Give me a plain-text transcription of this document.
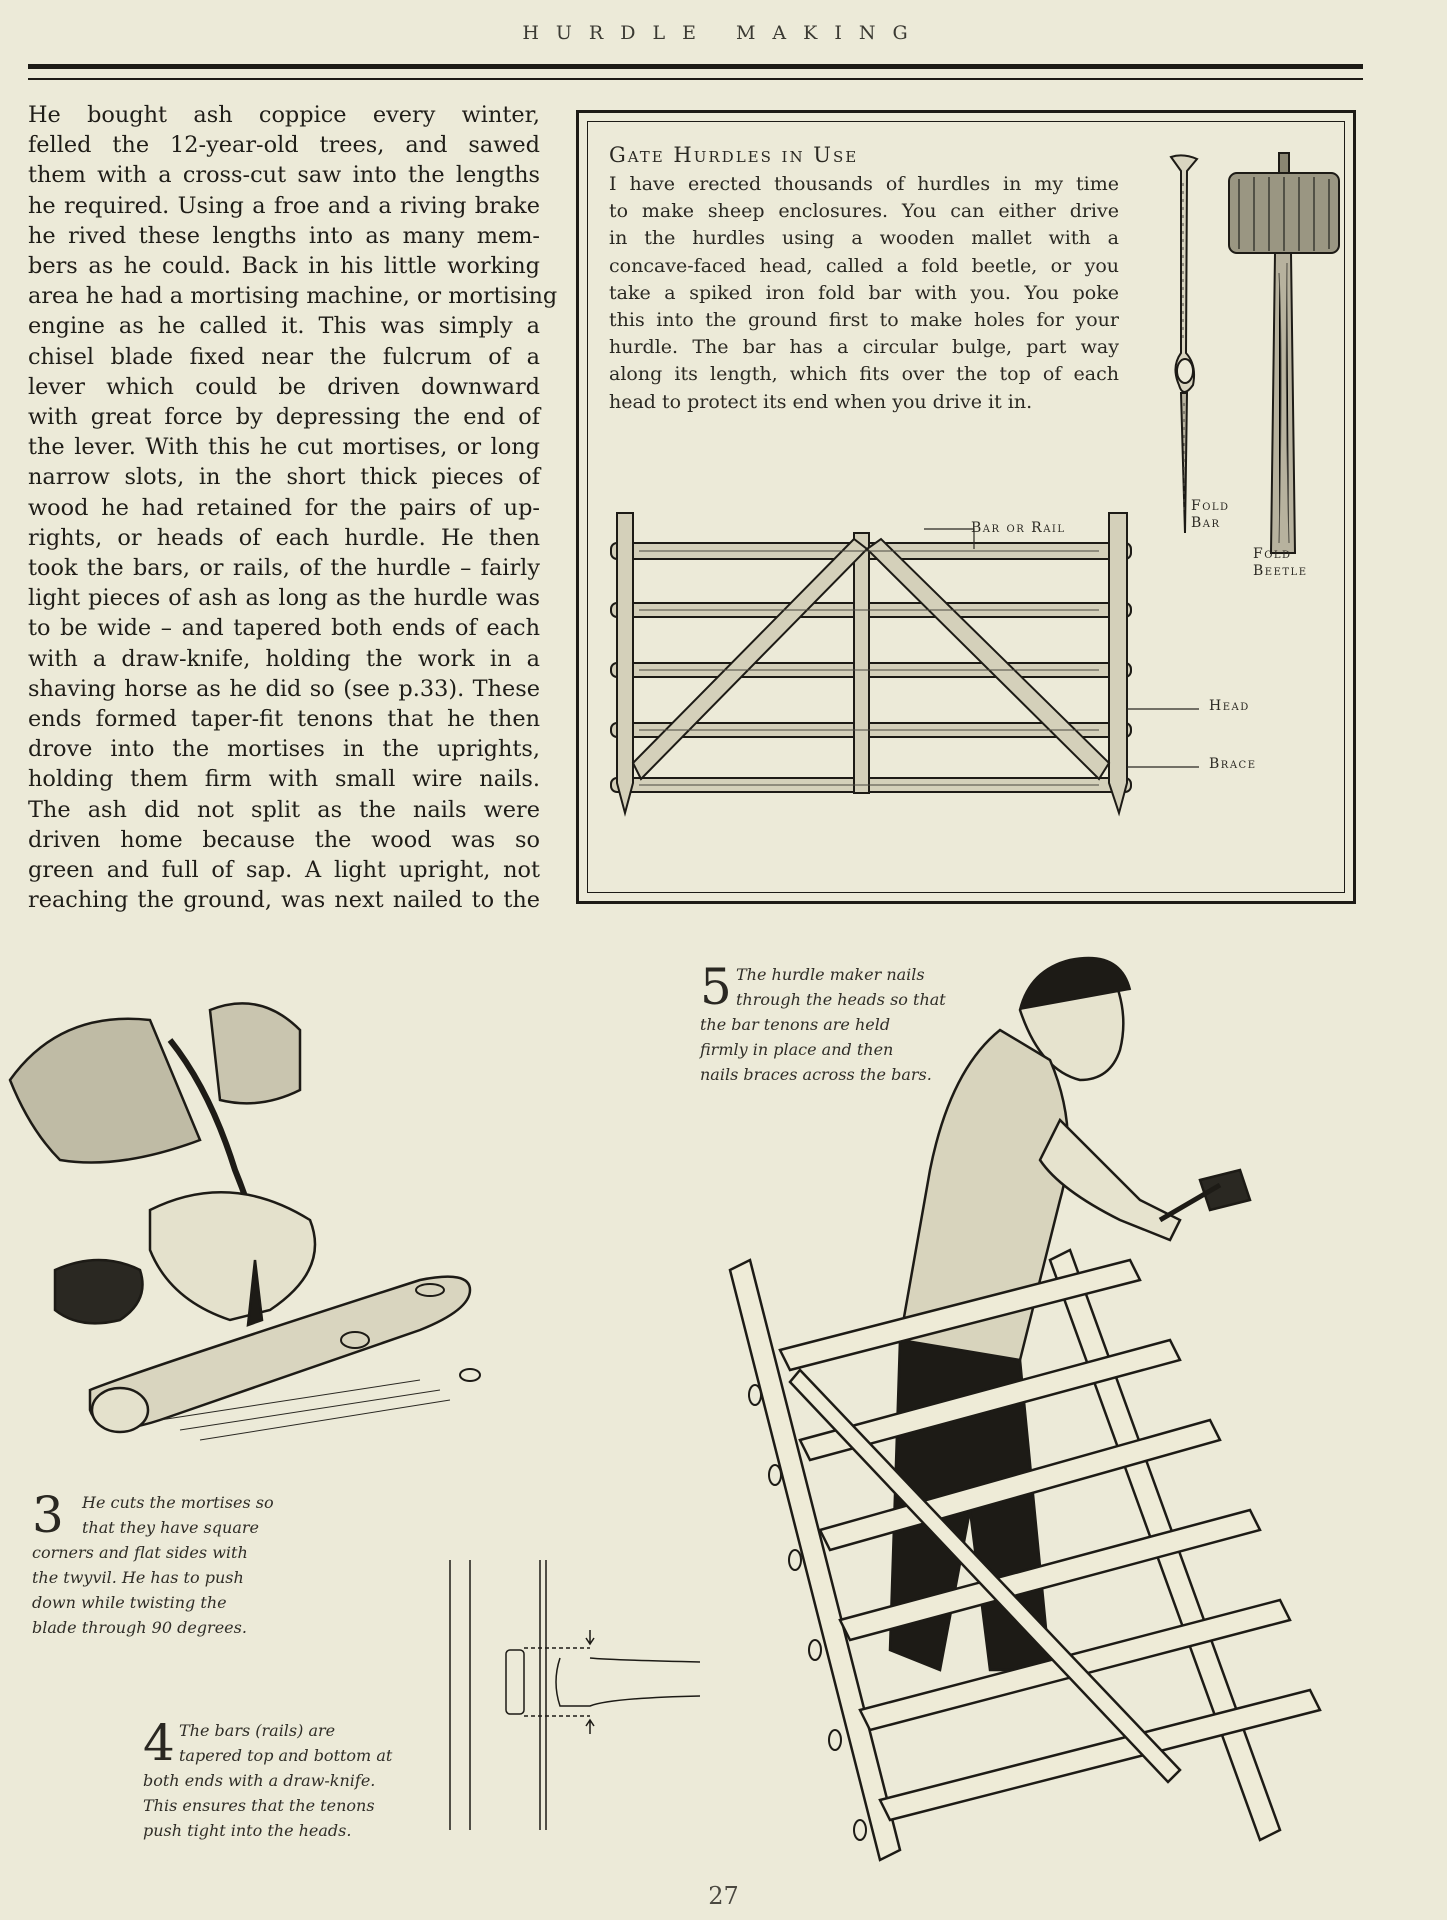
HURDLE MAKING
He bought ash coppice every winter,
felled the 12-year-old trees, and sawed
them with a cross-cut saw into the lengths
he required. Using a froe and a riving brake
he rived these lengths into as many mem-
bers as he could. Back in his little working
area he had a mortising machine, or mortising
engine as he called it. This was simply a
chisel blade fixed near the fulcrum of a
lever which could be driven downward
with great force by depressing the end of
the lever. With this he cut mortises, or long
narrow slots, in the short thick pieces of
wood he had retained for the pairs of up-
rights, or heads of each hurdle. He then
took the bars, or rails, of the hurdle – fairly
light pieces of ash as long as the hurdle was
to be wide – and tapered both ends of each
with a draw-knife, holding the work in a
shaving horse as he did so (see p.33). These
ends formed taper-fit tenons that he then
drove into the mortises in the uprights,
holding them firm with small wire nails.
The ash did not split as the nails were
driven home because the wood was so
green and full of sap. A light upright, not
reaching the ground, was next nailed to the
Gate Hurdles in Use
I have erected thousands of hurdles in my time
to make sheep enclosures. You can either drive
in the hurdles using a wooden mallet with a
concave-faced head, called a fold beetle, or you
take a spiked iron fold bar with you. You poke
this into the ground first to make holes for your
hurdle. The bar has a circular bulge, part way
along its length, which fits over the top of each
head to protect its end when you drive it in.
Bar or Rail
Fold
Bar
Fold
Beetle
Head
Brace
3	He cuts the mortises so
that they have square
corners and flat sides with
the twyvil. He has to push
down while twisting the
blade through 90 degrees.
4 The bars (rails) are
tapered top and bottom at
both ends with a draw-knife.
This ensures that the tenons
push tight into the heads.
5 The hurdle maker nails
through the heads so that
the bar tenons are held
firmly in place and then
nails braces across the bars.
27
